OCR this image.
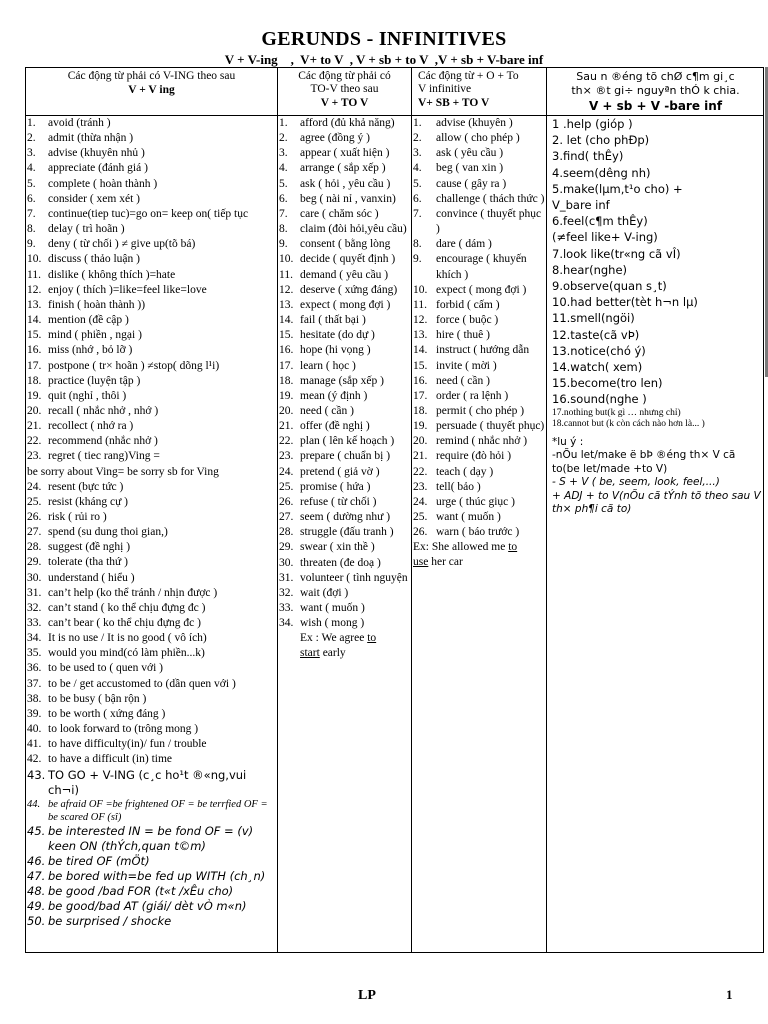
GERUNDS - INFINITIVES
V + V-ing    ,  V+ to V  , V + sb + to V  ,V + sb + V-bare inf
Các động từ phải có V-ING theo sau
V + V ing
1.	avoid (tránh )
2.	admit (thừa nhận )
3.	advise (khuyên nhủ )
4.	appreciate (đánh giá )
5.	complete ( hoàn thành )
6.	consider ( xem xét )
7.	continue(tiep tuc)=go on= keep on( tiếp tục
8.	delay ( trì hoãn )
9.	deny ( từ chối ) ≠ give up(tõ bá)
10. discuss ( thảo luận )
11. dislike ( không thích )=hate
12. enjoy ( thích )=like=feel like=love
13. finish ( hoàn thành ))
14. mention (đề cập )
15. mind ( phiền , ngại )
16. miss (nhớ , bỏ lỡ )
17. postpone ( tr× hoãn ) ≠stop( dõng l¹i)
18. practice (luyện tập )
19. quit (nghỉ , thôi )
20. recall ( nhắc nhở , nhớ )
21. recollect ( nhớ ra )
22. recommend (nhắc nhở )
23. regret ( tiec rang)Ving =
be sorry about Ving= be sorry sb for Ving
24. resent (bực tức )
25. resist (kháng cự )
26. risk ( rủi ro )
27. spend (su dung thoi gian,)
28. suggest (đề nghị )
29. tolerate (tha thứ )
30. understand ( hiểu )
31. can’t help (ko thể tránh / nhịn được )
32. can’t stand ( ko thể chịu đựng đc )
33. can’t bear ( ko thể chịu đựng đc )
34. It is no use / It is no good ( vô ích)
35. would you mind(có làm phiền...k)
36. to be used to ( quen với )
37. to be / get accustomed to (dần quen với )
38. to be busy ( bận rộn )
39. to be worth ( xứng đáng )
40. to look forward to (trông mong )
41. to have difficulty(in)/ fun / trouble
42. to have a difficult (in) time
43. TO GO + V-ING (c¸c ho¹t ®«ng,vui ch¬i)
44. be afraid OF =be frightened OF = be terrfied OF = be scared OF (sî)
45. be interested IN = be fond OF = (v) keen ON (thÝch,quan t©m)
46. be tired OF (mÖt)
47. be bored with=be fed up WITH (ch¸n)
48. be good /bad FOR (t«t /xÊu cho)
49. be good/bad AT (giái/ dèt vÒ m«n)
50. be surprised / shocke
Các động từ phải có
TO-V theo sau
V + TO V
1.	afford (đủ khả năng)
2.	agree (đồng ý )
3.	appear ( xuất hiện )
4.	arrange ( sắp xếp )
5.	ask ( hỏi , yêu cầu )
6.	beg ( nài nỉ , vanxin)
7.	care ( chăm sóc )
8.	claim (đòi hỏi,yêu cầu)
9.	consent ( bằng lòng
10. decide ( quyết định )
11. demand ( yêu cầu )
12. deserve ( xứng đáng)
13. expect ( mong đợi )
14. fail ( thất bại )
15. hesitate (do dự )
16. hope (hi vọng )
17. learn ( học )
18. manage (sắp xếp )
19. mean (ý định )
20. need ( cần )
21. offer (đề nghị )
22. plan ( lên kế hoạch )
23. prepare ( chuẩn bị )
24. pretend ( giả vờ )
25. promise ( hứa )
26. refuse ( từ chối )
27. seem ( dường như )
28. struggle (đấu tranh )
29. swear ( xin thề )
30. threaten (đe doạ )
31. volunteer ( tình nguyện
32. wait (đợi )
33. want ( muốn )
34. wish ( mong )
Ex : We agree to
start early
Các động từ + O + To
V infinitive
V+ SB + TO V
1.	advise (khuyên )
2.	allow ( cho phép )
3.	ask ( yêu cầu )
4.	beg ( van xin )
5.	cause ( gây ra )
6.	challenge ( thách thức )
7.	convince ( thuyết phục )
8.	dare ( dám )
9.	encourage ( khuyến khích )
10. expect ( mong đợi )
11. forbid ( cấm )
12. force ( buộc )
13. hire ( thuê )
14. instruct ( hướng dẫn
15. invite ( mời )
16. need ( cần )
17. order ( ra lệnh )
18. permit ( cho phép )
19. persuade ( thuyết phục)
20. remind ( nhắc nhở )
21. require (đò hỏi )
22. teach ( dạy )
23. tell( bảo )
24. urge ( thúc giục )
25. want ( muốn )
26. warn ( báo trước )
Ex: She allowed me to
use her car
Sau n ®éng tõ chØ c¶m gi¸c
th× ®t gi÷ nguyªn thÓ k chia.
V + sb + V -bare inf
1 .help (gióp )
2. let (cho phÐp)
3.find( thÊy)
4.seem(dêng nh)
5.make(lµm,t¹o cho) +
V_bare inf
6.feel(c¶m thÊy)
(≠feel like+ V-ing)
7.look like(tr«ng cã vÎ)
8.hear(nghe)
9.observe(quan s¸t)
10.had better(tèt h¬n lµ)
11.smell(ngöi)
12.taste(cã vÞ)
13.notice(chó ý)
14.watch( xem)
15.become(tro len)
16.sound(nghe )
17.nothing but(k gì … nhưng chỉ)
18.cannot but (k còn cách nào hơn là... )
*lu ý :
-nÕu let/make ë bÞ ®éng th× V cã to(be let/made +to V)
- S + V ( be, seem, look, feel,...)
+ ADJ + to V(nÕu cã tÝnh tõ theo sau V th× ph¶i cã to)
LP	1
